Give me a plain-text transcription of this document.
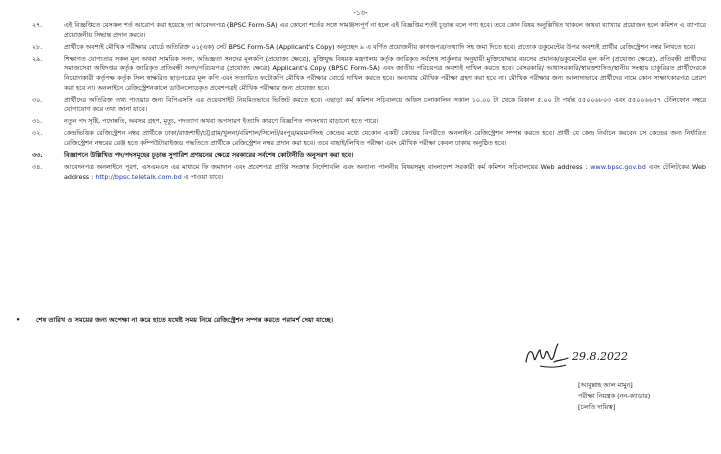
-১৩-
২৭.	এই বিজ্ঞপ্তিতে যেসকল শর্ত আরোপ করা হয়েছে তা আবেদনপত্র (BPSC Form-5A) এর কোনো শর্তের সঙ্গে সামঞ্জস্যপূর্ণ না হলে এই বিজ্ঞপ্তির শর্তই চূড়ান্ত বলে গণ্য হবে। তবে কোন বিষয় অনুল্লিখিত থাকলে অথবা ব্যাখ্যার প্রয়োজন হলে কমিশন এ ব্যাপারে প্রয়োজনীয় সিদ্ধান্ত প্রদান করবে।
২৮.	প্রার্থীকে অবশ্যই মৌখিক পরীক্ষার বোর্ডে অতিরিক্ত ০১(এক) সেট BPSC Form-5A (Applicant's Copy) অনুচ্ছেদ ৯ এ বর্ণিত প্রয়োজনীয় কাগজপত্র/তথ্যাদি সহ জমা দিতে হবে। প্রত্যেক ডকুমেন্টের উপর অবশ্যই প্রার্থীর রেজিস্ট্রেশন নম্বর লিখতে হবে।
২৯.	শিক্ষাগত যোগ্যতার সকল মূল অথবা সাময়িক সনদ, অভিজ্ঞতা সনদের মূলকপি (প্রযোজ্য ক্ষেত্রে), মুক্তিযুদ্ধ বিষয়ক মন্ত্রণালয় কর্তৃক জারিকৃত সর্বশেষ সার্কুলার অনুযায়ী মুক্তিযোদ্ধার বয়সের প্রমানক/ডকুমেন্টের মূল কপি (প্রযোজ্য ক্ষেত্রে), প্রতিবন্ধী প্রার্থীদের সমাজসেবা অধিদপ্তর কর্তৃক জারিকৃত প্রতিবন্ধী সনদ/পরিচয়পত্র (প্রযোজ্য ক্ষেত্রে) Applicant's Copy (BPSC Form-5A) এবং জাতীয় পরিচয়পত্র অবশ্যই দাখিল করতে হবে। বেসরকারি/ আধাসরকারি/স্বায়ত্তশাসিত/স্থানীয় সংস্থায় চাকুরিরত প্রার্থীদেরকে নিয়োগকারী কর্তৃপক্ষ কর্তৃক সিল স্বাক্ষরিত ছাড়পত্রের মূল কপি এবং সত্যায়িত ফটোকপি মৌখিক পরীক্ষার বোর্ডে দাখিল করতে হবে। অন্যথায় মৌখিক পরীক্ষা গ্রহণ করা হবে না। মৌখিক পরীক্ষার জন্য আলাদাভাবে প্রার্থীদের নামে কোন সাক্ষাৎকারপত্র প্রেরণ করা হবে না। অনলাইনে রেজিস্ট্রেশনকালে ডাউনলোডকৃত প্রবেশপত্রই মৌখিক পরীক্ষার জন্য প্রযোজ্য হবে।
৩০.	প্রার্থীদের অতিরিক্ত তথ্য পাওয়ার জন্য বিপিএসসি এর ওয়েবসাইট নিয়মিতভাবে ভিজিট করতে হবে। এছাড়া কর্ম কমিশন সচিবালয়ে অফিস চলাকালিন সকাল ১০.০০ টা থেকে বিকাল ৫.০০ টা পর্যন্ত ৫৫০০৬৮০৩ এবং ৫৫০০৬৬৫৭ টেলিফোন নম্বরে যোগাযোগ করে তথ্য জানা যাবে।
৩১.	নতুন পদ সৃষ্টি, পদোন্নতি, অবসর গ্রহণ, মৃত্যু, পদত্যাগ অথবা অপসারণ ইত্যাদি কারণে বিজ্ঞপিত পদসংখ্যা বাড়ানো হতে পারে।
৩২.	কেন্দ্রভিত্তিক রেজিস্ট্রেশন নম্বর প্রার্থীকে ঢাকা/রাজশাহী/চট্টগ্রাম/খুলনা/বরিশাল/সিলেট/রংপুর/ময়মনসিংহ কেন্দ্রের মধ্যে যেকোন একটি কেন্দ্রের বিপরীতে অনলাইন রেজিস্ট্রেশন সম্পন্ন করতে হবে। প্রার্থী যে কেন্দ্র নির্বাচন করবেন সে কেন্দ্রের জন্য নির্ধারিত রেজিস্ট্রেশন নম্বরের রেঞ্জ হতে কম্পিউটারাইজড পদ্ধতিতে প্রার্থীকে রেজিস্ট্রেশন নম্বর প্রদান করা হবে। তবে বাছাই/লিখিত পরীক্ষা এবং মৌখিক পরীক্ষা কেবল ঢাকায় অনুষ্ঠিত হবে।
৩৩.	বিজ্ঞাপনে উল্লিখিত পদ/পদসমূহের চূড়ান্ত সুপারিশ প্রণয়নের ক্ষেত্রে সরকারের সর্বশেষ কোটানীতি অনুসরণ করা হবে।
৩৪.	আবেদনপত্র অনলাইনে পূরণ, এসএমএস এর মাধ্যমে ফি জমাদান এবং প্রবেশপত্র প্রাপ্তি সংক্রান্ত নির্দেশাবলি এবং অন্যান্য পালনীয় বিষয়সমূহ বাংলাদেশ সরকারী কর্ম কমিশন সচিবালয়ের Web address : www.bpsc.gov.bd এবং টেলিটকের Web address : http://bpsc.teletalk.com.bd এ পাওয়া যাবে।
• শেষ তারিখ ও সময়ের জন্য অপেক্ষা না করে হাতে যথেষ্ট সময় নিয়ে রেজিস্ট্রেশন সম্পন্ন করতে পরামর্শ দেয়া যাচ্ছে।
29.8.2022
[আবুল্লাহ আল মামুন]
পরীক্ষা নিয়ন্ত্রক (নন-ক্যাডার)
[চলতি দায়িত্ব]
